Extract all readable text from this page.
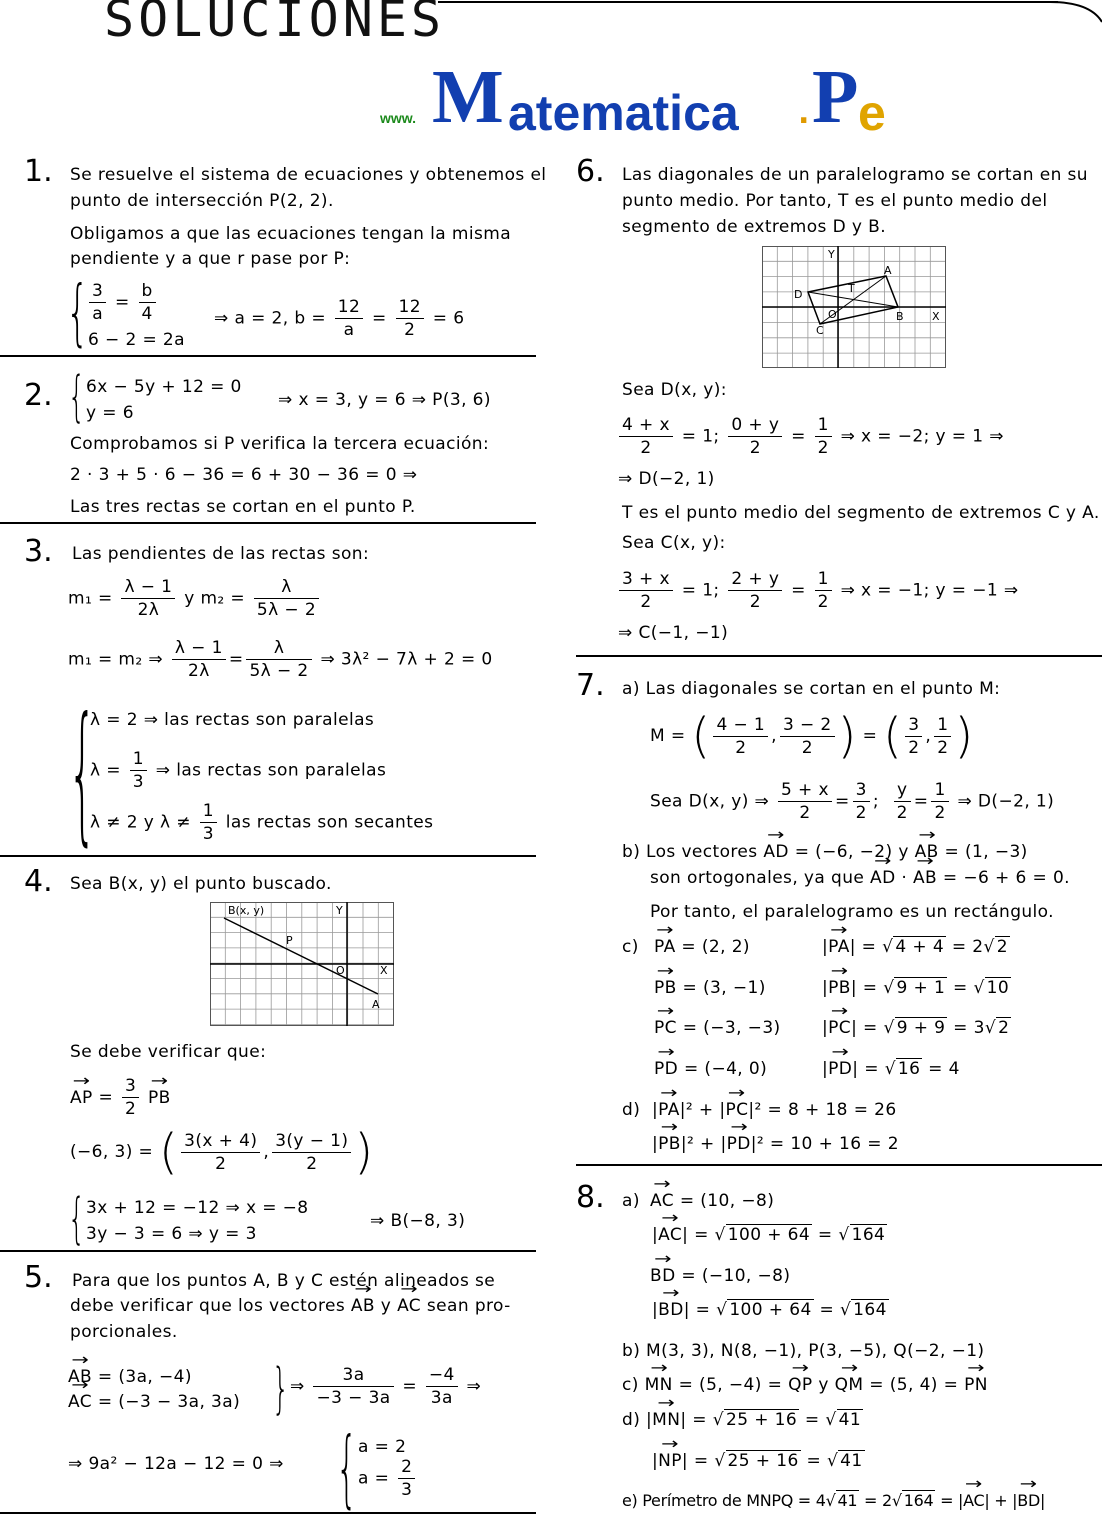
SOLUCIONES
www. M atematica . P e
1. Se resuelve el sistema de ecuaciones y obtenemos el
punto de intersección P(2, 2).
Obligamos a que las ecuaciones tengan la misma
pendiente y a que r pase por P:
{ $\frac{3}{a} = \frac{b}{4}$
6 − 2 = 2a
⇒ a = 2, $b = \frac{12}{a} = \frac{12}{2} = 6$
2. { 6x − 5y + 12 = 0
y = 6
⇒ x = 3, y = 6 ⇒ P(3, 6)
Comprobamos si P verifica la tercera ecuación:
2 · 3 + 5 · 6 − 36 = 6 + 30 − 36 = 0 ⇒
Las tres rectas se cortan en el punto P.
3. Las pendientes de las rectas son:
$m_1 = \frac{\lambda - 1}{2\lambda}$ y $m_2 = \frac{\lambda}{5\lambda - 2}$
m₁ = m₂ ⇒ $\frac{\lambda - 1}{2\lambda} = \frac{\lambda}{5\lambda - 2}$ ⇒ 3λ² − 7λ + 2 = 0
{
λ = 2 ⇒ las rectas son paralelas
$\lambda = \frac{1}{3}$ ⇒ las rectas son paralelas
λ ≠ 2 y $\lambda \ne \frac{1}{3}$ las rectas son secantes
4. Sea B(x, y) el punto buscado.
B(x, y)	Y
P
O	X
A
Se debe verificar que:
→ AP = $\frac{3}{2}$ → PB
(−6, 3) = ( $\frac{3(x + 4)}{2}$ , $\frac{3(y - 1)}{2}$ )
{ 3x + 12 = −12 ⇒ x = −8
3y − 3 = 6 ⇒ y = 3
⇒ B(−8, 3)
5. Para que los puntos A, B y C estén alineados se
debe verificar que los vectores → AB y → AC sean pro-
porcionales.
→ AB = (3a, −4)
→ AC = (−3 − 3a, 3a) } ⇒ $\frac{3a}{-3 - 3a} = \frac{-4}{3a}$ ⇒
⇒ 9a² − 12a − 12 = 0 ⇒ { a = 2
$a = \frac{2}{3}$
6. Las diagonales de un paralelogramo se cortan en su
punto medio. Por tanto, T es el punto medio del
segmento de extremos D y B.
Y
A
D	T
O	B	X
C
Sea D(x, y):
$\frac{4 + x}{2} = 1$; $\frac{0 + y}{2} = \frac{1}{2}$ ⇒ x = −2; y = 1 ⇒
⇒ D(−2, 1)
T es el punto medio del segmento de extremos C y A.
Sea C(x, y):
$\frac{3 + x}{2} = 1$; $\frac{2 + y}{2} = \frac{1}{2}$ ⇒ x = −1; y = −1 ⇒
⇒ C(−1, −1)
7. a) Las diagonales se cortan en el punto M:
M = ( $\frac{4 - 1}{2}$ , $\frac{3 - 2}{2}$ ) = ( $\frac{3}{2}$ , $\frac{1}{2}$ )
Sea D(x, y) ⇒ $\frac{5 + x}{2} = \frac{3}{2}$ ; $\frac{y}{2} = \frac{1}{2}$ ⇒ D(−2, 1)
b) Los vectores → AD = (−6, −2) y → AB = (1, −3)
son ortogonales, ya que → AD · → AB = −6 + 6 = 0.
Por tanto, el paralelogramo es un rectángulo.
c) → PA = (2, 2)	|→ PA| = √ 4 + 4 = 2√ 2
→ PB = (3, −1)	|→ PB| = √ 9 + 1 = √ 10
→ PC = (−3, −3) |→ PC| = √ 9 + 9 = 3√ 2
→ PD = (−4, 0)	|→ PD| = √ 16 = 4
d) |→ PA|² + |→ PC|² = 8 + 18 = 26
|→ PB|² + |→ PD|² = 10 + 16 = 2
8. a) → AC = (10, −8)
|→ AC| = √ 100 + 64 = √ 164
→ BD = (−10, −8)
|→ BD| = √ 100 + 64 = √ 164
b) M(3, 3), N(8, −1), P(3, −5), Q(−2, −1)
c) → MN = (5, −4) = → QP y → QM = (5, 4) = → PN
d) |→ MN| = √ 25 + 16 = √ 41
|→ NP| = √ 25 + 16 = √ 41
e) Perímetro de MNPQ = 4√ 41 = 2√ 164 = |→ AC| + |→ BD|
